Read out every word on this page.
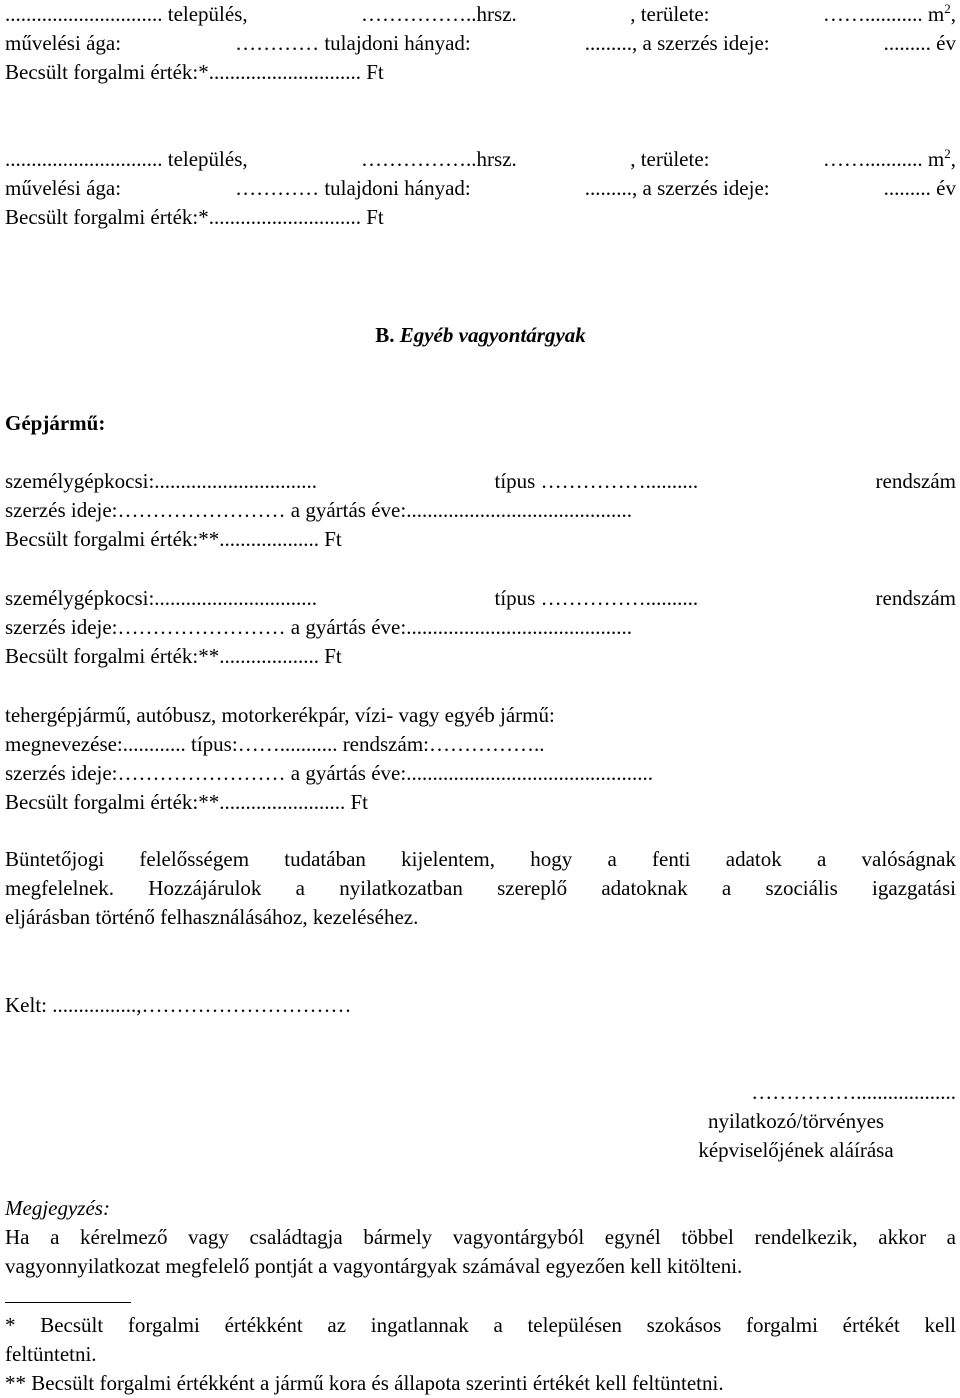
.............................. település,	……………..hrsz.	, területe:	……........... $m^2$,
művelési ága:	………… tulajdoni hányad:	........., a szerzés ideje:	......... év
Becsült forgalmi érték:*............................. Ft
.............................. település,	……………..hrsz.	, területe:	……........... $m^2$,
művelési ága:	………… tulajdoni hányad:	........., a szerzés ideje:	......... év
Becsült forgalmi érték:*............................. Ft
B. Egyéb vagyontárgyak
Gépjármű:
személygépkocsi:...............................	típus ……………..........	rendszám
szerzés ideje:…………………… a gyártás éve:...........................................
Becsült forgalmi érték:**................... Ft
személygépkocsi:...............................	típus ……………..........	rendszám
szerzés ideje:…………………… a gyártás éve:...........................................
Becsült forgalmi érték:**................... Ft
tehergépjármű, autóbusz, motorkerékpár, vízi- vagy egyéb jármű:
megnevezése:............ típus:……........... rendszám:……………..
szerzés ideje:…………………… a gyártás éve:...............................................
Becsült forgalmi érték:**........................ Ft
Büntetőjogi felelősségem tudatában kijelentem, hogy a fenti adatok a valóságnak
megfelelnek. Hozzájárulok a nyilatkozatban szereplő adatoknak a szociális igazgatási
eljárásban történő felhasználásához, kezeléséhez.
Kelt: ................,…………………………
……………...................
nyilatkozó/törvényes
képviselőjének aláírása
Megjegyzés:
Ha a kérelmező vagy családtagja bármely vagyontárgyból egynél többel rendelkezik, akkor a
vagyonnyilatkozat megfelelő pontját a vagyontárgyak számával egyezően kell kitölteni.
* Becsült forgalmi értékként az ingatlannak a településen szokásos forgalmi értékét kell
feltüntetni.
** Becsült forgalmi értékként a jármű kora és állapota szerinti értékét kell feltüntetni.
